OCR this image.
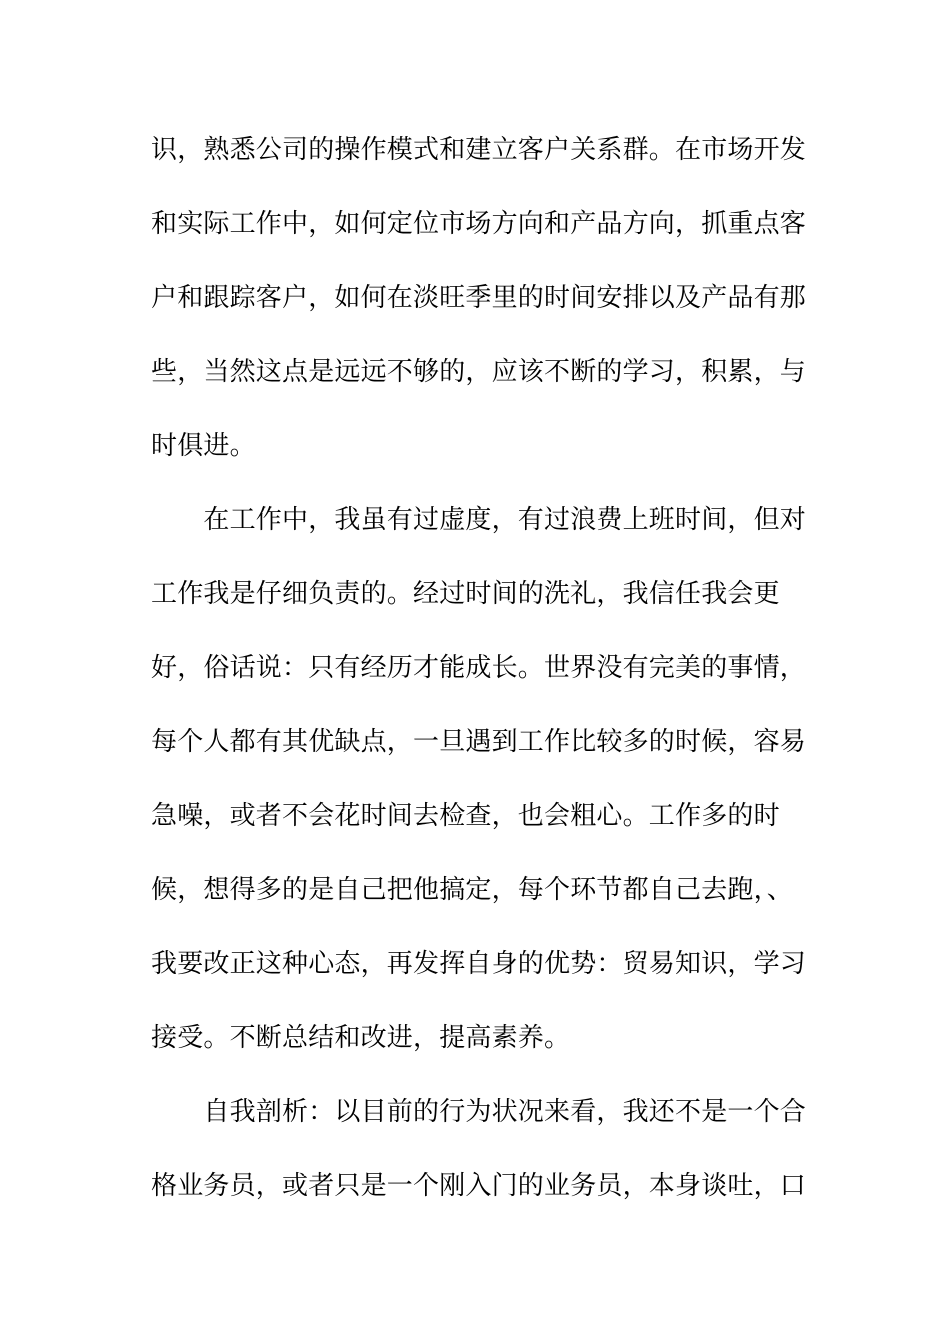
识，熟悉公司的操作模式和建立客户关系群。在市场开发
和实际工作中，如何定位市场方向和产品方向，抓重点客
户和跟踪客户，如何在淡旺季里的时间安排以及产品有那
些，当然这点是远远不够的，应该不断的学习，积累，与
时俱进。
　　在工作中，我虽有过虚度，有过浪费上班时间，但对
工作我是仔细负责的。经过时间的洗礼，我信任我会更
好，俗话说：只有经历才能成长。世界没有完美的事情，
每个人都有其优缺点，一旦遇到工作比较多的时候，容易
急噪，或者不会花时间去检查，也会粗心。工作多的时
候，想得多的是自己把他搞定，每个环节都自己去跑，、
我要改正这种心态，再发挥自身的优势：贸易知识，学习
接受。不断总结和改进，提高素养。
　　自我剖析：以目前的行为状况来看，我还不是一个合
格业务员，或者只是一个刚入门的业务员，本身谈吐，口
